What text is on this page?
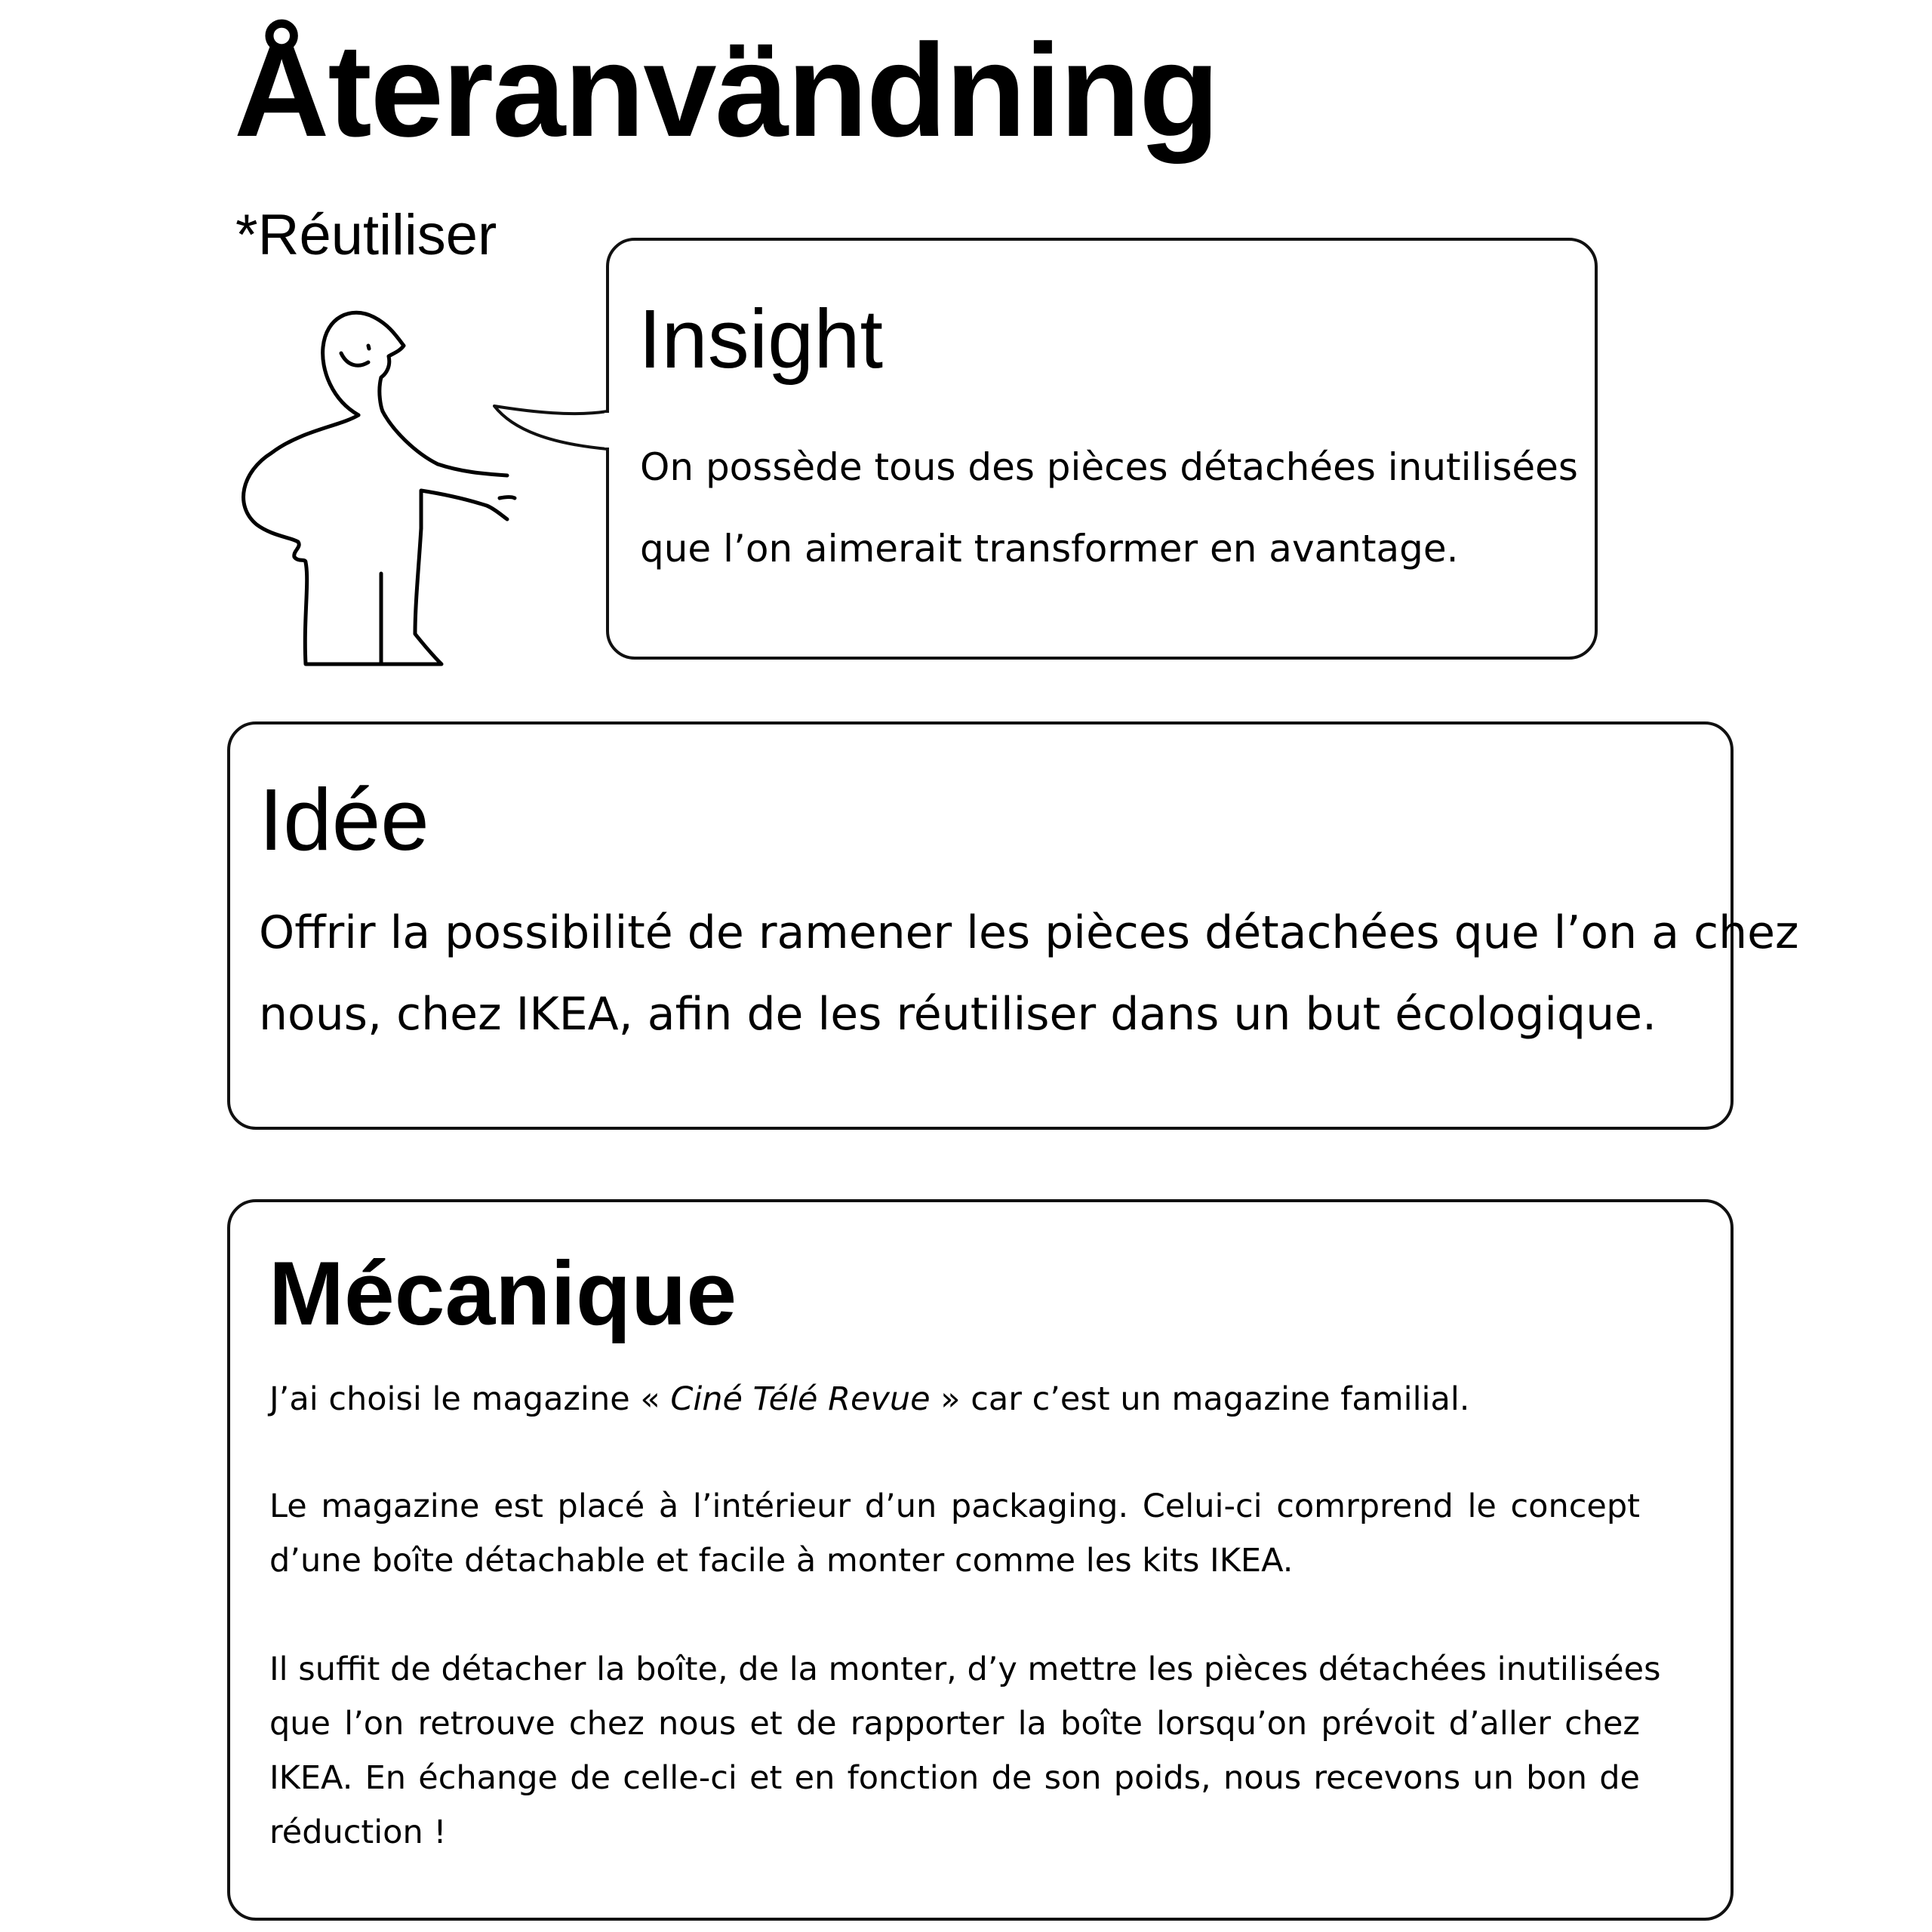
Återanvändning
*Réutiliser
Insight
On possède tous des pièces détachées inutilisées
que l’on aimerait transformer en avantage.
Idée
Offrir la possibilité de ramener les pièces détachées que l’on a chez
nous, chez IKEA, afin de les réutiliser dans un but écologique.
Mécanique
J’ai choisi le magazine « Ciné Télé Revue » car c’est un magazine familial.
Le magazine est placé à l’intérieur d’un packaging. Celui-ci comrprend le concept
d’une boîte détachable et facile à monter comme les kits IKEA.
Il suffit de détacher la boîte, de la monter, d’y mettre les pièces détachées inutilisées
que l’on retrouve chez nous et de rapporter la boîte lorsqu’on prévoit d’aller chez
IKEA. En échange de celle-ci et en fonction de son poids, nous recevons un bon de
réduction !
